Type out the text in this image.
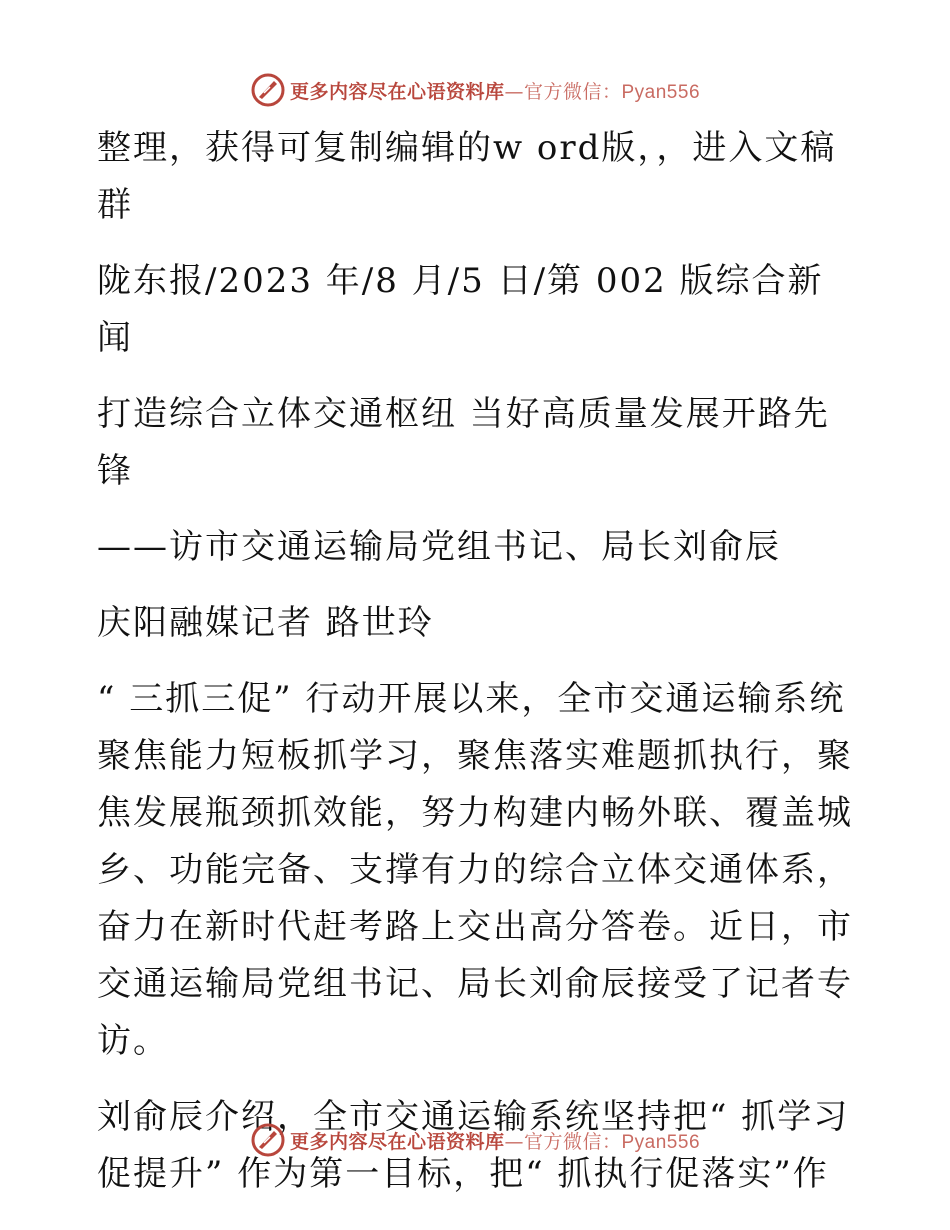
更多内容尽在心语资料库—官方微信：Pyan556

整理，获得可复制编辑的w ord版，，进入文稿群

陇东报/2023 年/8 月/5 日/第 002 版综合新闻

打造综合立体交通枢纽 当好高质量发展开路先锋

——访市交通运输局党组书记、局长刘俞辰

庆阳融媒记者 路世玲

“ 三抓三促” 行动开展以来，全市交通运输系统聚焦能力短板抓学习，聚焦落实难题抓执行，聚焦发展瓶颈抓效能，努力构建内畅外联、覆盖城乡、功能完备、支撑有力的综合立体交通体系，奋力在新时代赶考路上交出高分答卷。近日，市交通运输局党组书记、局长刘俞辰接受了记者专访。

刘俞辰介绍，全市交通运输系统坚持把“ 抓学习促提升” 作为第一目标，把“ 抓执行促落实”作

更多内容尽在心语资料库—官方微信：Pyan556
